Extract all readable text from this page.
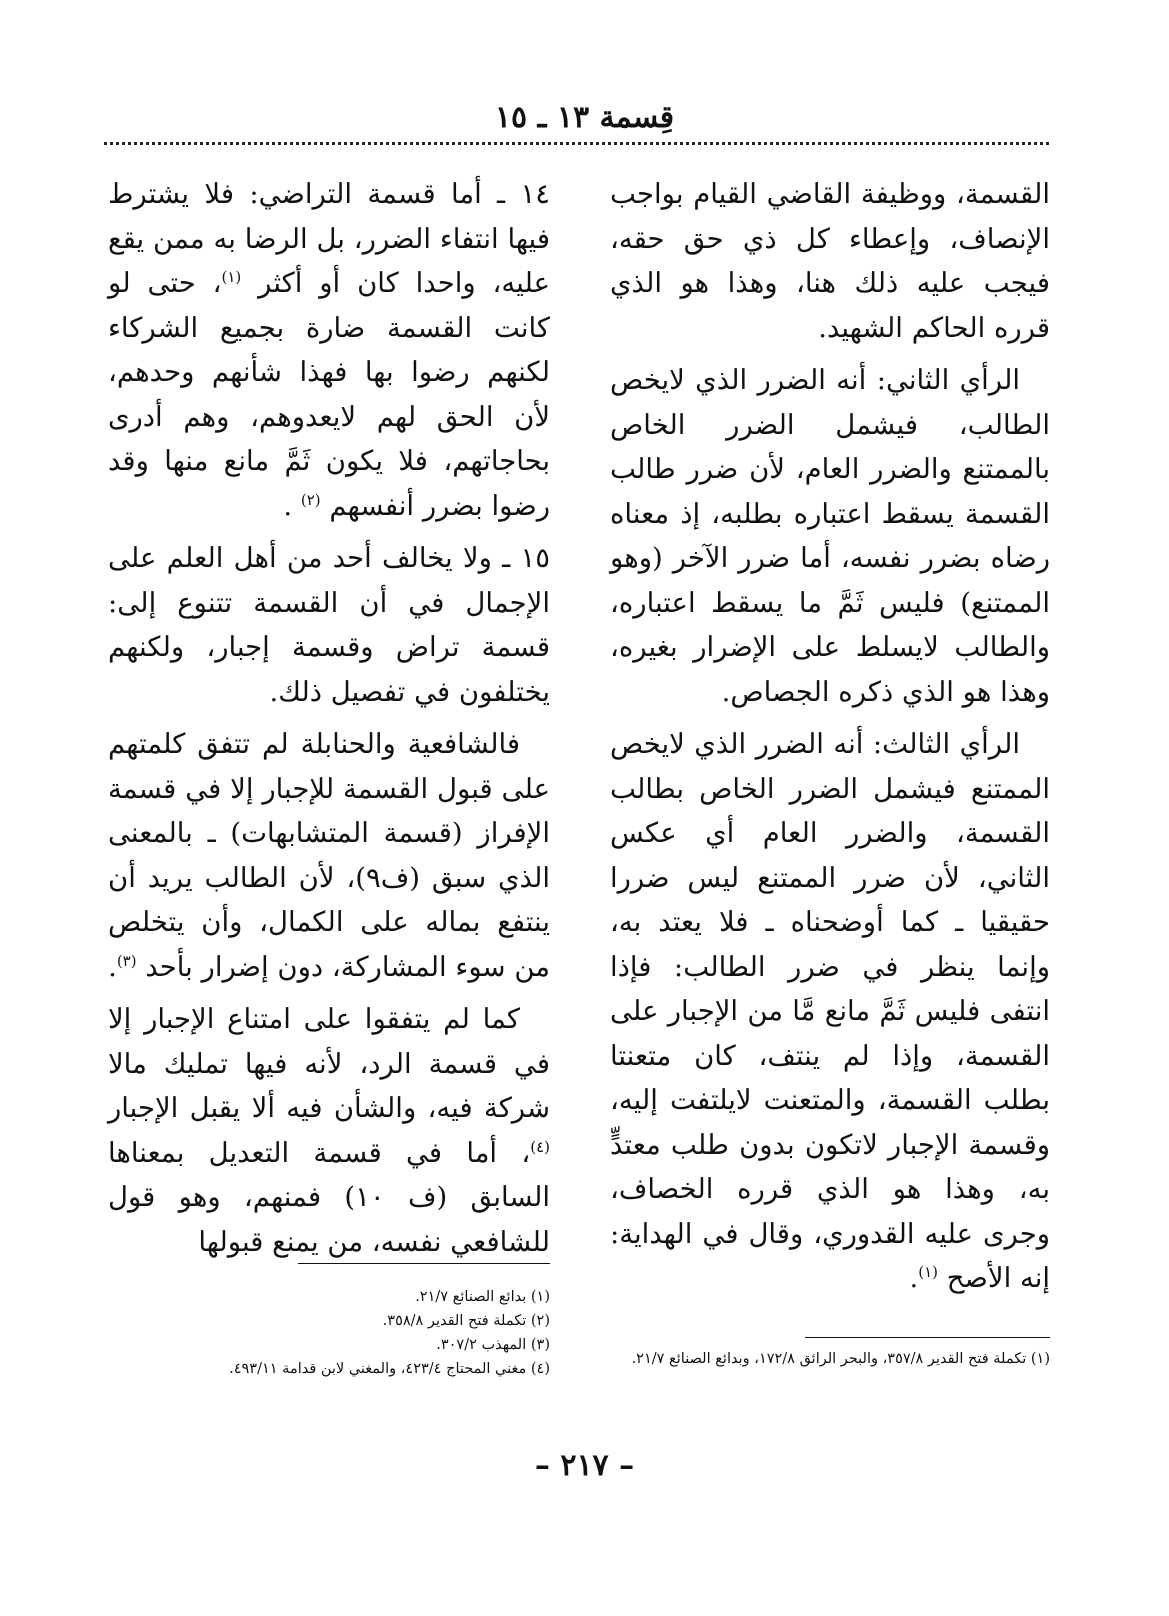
قِسمة ١٣ ـ ١٥

القسمة، ووظيفة القاضي القيام بواجب الإنصاف، وإعطاء كل ذي حق حقه، فيجب عليه ذلك هنا، وهذا هو الذي قرره الحاكم الشهيد.

الرأي الثاني: أنه الضرر الذي لايخص الطالب، فيشمل الضرر الخاص بالممتنع والضرر العام، لأن ضرر طالب القسمة يسقط اعتباره بطلبه، إذ معناه رضاه بضرر نفسه، أما ضرر الآخر (وهو الممتنع) فليس ثَمَّ ما يسقط اعتباره، والطالب لايسلط على الإضرار بغيره، وهذا هو الذي ذكره الجصاص.

الرأي الثالث: أنه الضرر الذي لايخص الممتنع فيشمل الضرر الخاص بطالب القسمة، والضرر العام أي عكس الثاني، لأن ضرر الممتنع ليس ضررا حقيقيا ـ كما أوضحناه ـ فلا يعتد به، وإنما ينظر في ضرر الطالب: فإذا انتفى فليس ثَمَّ مانع مَّا من الإجبار على القسمة، وإذا لم ينتف، كان متعنتا بطلب القسمة، والمتعنت لايلتفت إليه، وقسمة الإجبار لاتكون بدون طلب معتدٍّ به، وهذا هو الذي قرره الخصاف، وجرى عليه القدوري، وقال في الهداية: إنه الأصح $^{(١)}$.

١٤ ـ أما قسمة التراضي: فلا يشترط فيها انتفاء الضرر، بل الرضا به ممن يقع عليه، واحدا كان أو أكثر $^{(١)}$، حتى لو كانت القسمة ضارة بجميع الشركاء لكنهم رضوا بها فهذا شأنهم وحدهم، لأن الحق لهم لايعدوهم، وهم أدرى بحاجاتهم، فلا يكون ثَمَّ مانع منها وقد رضوا بضرر أنفسهم $^{(٢)}$ .

١٥ ـ ولا يخالف أحد من أهل العلم على الإجمال في أن القسمة تتنوع إلى: قسمة تراض وقسمة إجبار، ولكنهم يختلفون في تفصيل ذلك.

فالشافعية والحنابلة لم تتفق كلمتهم على قبول القسمة للإجبار إلا في قسمة الإفراز (قسمة المتشابهات) ـ بالمعنى الذي سبق (ف٩)، لأن الطالب يريد أن ينتفع بماله على الكمال، وأن يتخلص من سوء المشاركة، دون إضرار بأحد $^{(٣)}$.

كما لم يتفقوا على امتناع الإجبار إلا في قسمة الرد، لأنه فيها تمليك مالا شركة فيه، والشأن فيه ألا يقبل الإجبار $^{(٤)}$، أما في قسمة التعديل بمعناها السابق (ف ١٠) فمنهم، وهو قول للشافعي نفسه، من يمنع قبولها

(١) تكملة فتح القدير ٣٥٧/٨، والبحر الرائق ١٧٢/٨، وبدائع الصنائع ٢١/٧.
(١) بدائع الصنائع ٢١/٧.
(٢) تكملة فتح القدير ٣٥٨/٨.
(٣) المهذب ٣٠٧/٢.
(٤) مغني المحتاج ٤٢٣/٤، والمغني لابن قدامة ٤٩٣/١١.
– ٢١٧ –
